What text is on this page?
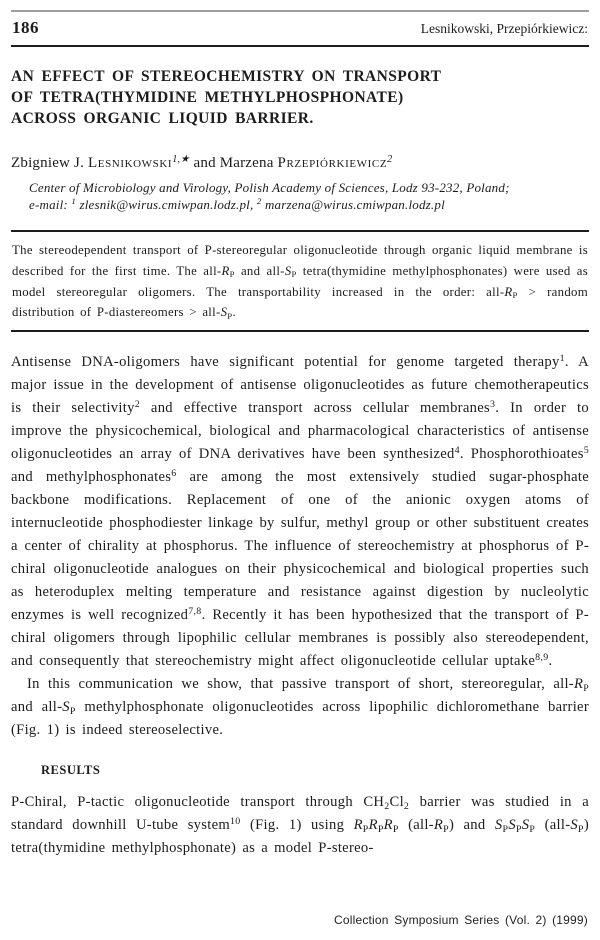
186	Lesnikowski, Przepiórkiewicz:
AN EFFECT OF STEREOCHEMISTRY ON TRANSPORT
OF TETRA(THYMIDINE METHYLPHOSPHONATE)
ACROSS ORGANIC LIQUID BARRIER.
Zbigniew J. Lesnikowski$^{1,★}$ and Marzena Przepiórkiewicz$^2$
Center of Microbiology and Virology, Polish Academy of Sciences, Lodz 93-232, Poland;
e-mail: $^1$ zlesnik@wirus.cmiwpan.lodz.pl, $^2$ marzena@wirus.cmiwpan.lodz.pl
The stereodependent transport of P-stereoregular oligonucleotide through organic liquid membrane is described for the first time. The all-$R_P$ and all-$S_P$ tetra(thymidine methylphosphonates) were used as model stereoregular oligomers. The transportability increased in the order: all-$R_P$ > random distribution of P-diastereomers > all-$S_P$.

Antisense DNA-oligomers have significant potential for genome targeted therapy$^1$. A major issue in the development of antisense oligonucleotides as future chemotherapeutics is their selectivity$^2$ and effective transport across cellular membranes$^3$. In order to improve the physicochemical, biological and pharmacological characteristics of antisense oligonucleotides an array of DNA derivatives have been synthesized$^4$. Phosphorothioates$^5$ and methylphosphonates$^6$ are among the most extensively studied sugar-phosphate backbone modifications. Replacement of one of the anionic oxygen atoms of internucleotide phosphodiester linkage by sulfur, methyl group or other substituent creates a center of chirality at phosphorus. The influence of stereochemistry at phosphorus of P-chiral oligonucleotide analogues on their physicochemical and biological properties such as heteroduplex melting temperature and resistance against digestion by nucleolytic enzymes is well recognized$^{7,8}$. Recently it has been hypothesized that the transport of P-chiral oligomers through lipophilic cellular membranes is possibly also stereodependent, and consequently that stereochemistry might affect oligonucleotide cellular uptake$^{8,9}$.

In this communication we show, that passive transport of short, stereoregular, all-$R_P$ and all-$S_P$ methylphosphonate oligonucleotides across lipophilic dichloromethane barrier (Fig. 1) is indeed stereoselective.

RESULTS

P-Chiral, P-tactic oligonucleotide transport through $CH_2Cl_2$ barrier was studied in a standard downhill U-tube system$^{10}$ (Fig. 1) using $R_PR_PR_P$ $(all-R_P)$ and $S_PS_PS_P$ $(all-S_P)$ tetra(thymidine methylphosphonate) as a model P-stereo-

Collection Symposium Series (Vol. 2) (1999)
